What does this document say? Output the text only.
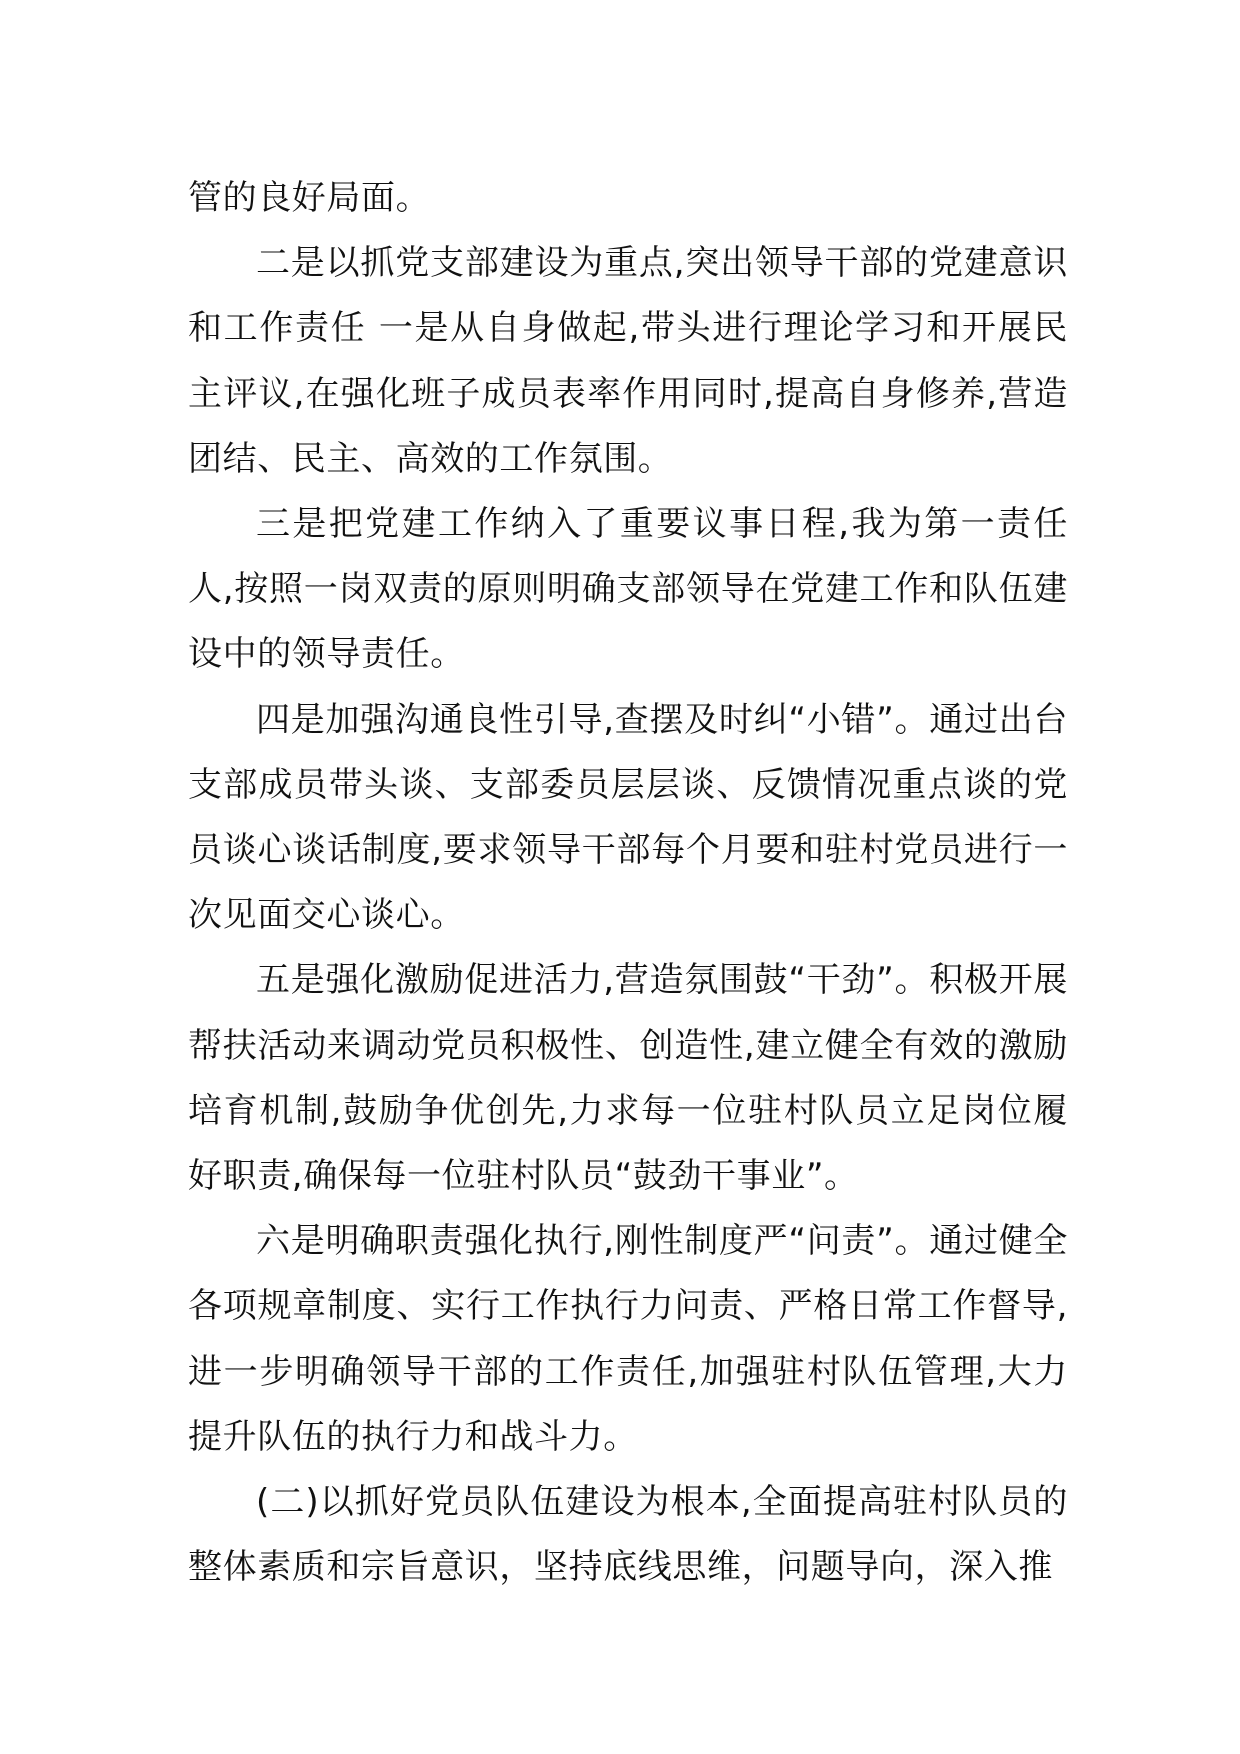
管的良好局面。

二是以抓党支部建设为重点,突出领导干部的党建意识和工作责任 一是从自身做起,带头进行理论学习和开展民主评议,在强化班子成员表率作用同时,提高自身修养,营造团结、民主、高效的工作氛围。

三是把党建工作纳入了重要议事日程,我为第一责任人,按照一岗双责的原则明确支部领导在党建工作和队伍建设中的领导责任。

四是加强沟通良性引导,查摆及时纠“小错”。通过出台支部成员带头谈、支部委员层层谈、反馈情况重点谈的党员谈心谈话制度,要求领导干部每个月要和驻村党员进行一次见面交心谈心。

五是强化激励促进活力,营造氛围鼓“干劲”。积极开展帮扶活动来调动党员积极性、创造性,建立健全有效的激励培育机制,鼓励争优创先,力求每一位驻村队员立足岗位履好职责,确保每一位驻村队员“鼓劲干事业”。

六是明确职责强化执行,刚性制度严“问责”。通过健全各项规章制度、实行工作执行力问责、严格日常工作督导,进一步明确领导干部的工作责任,加强驻村队伍管理,大力提升队伍的执行力和战斗力。

(二)以抓好党员队伍建设为根本,全面提高驻村队员的整体素质和宗旨意识，坚持底线思维，问题导向，深入推
